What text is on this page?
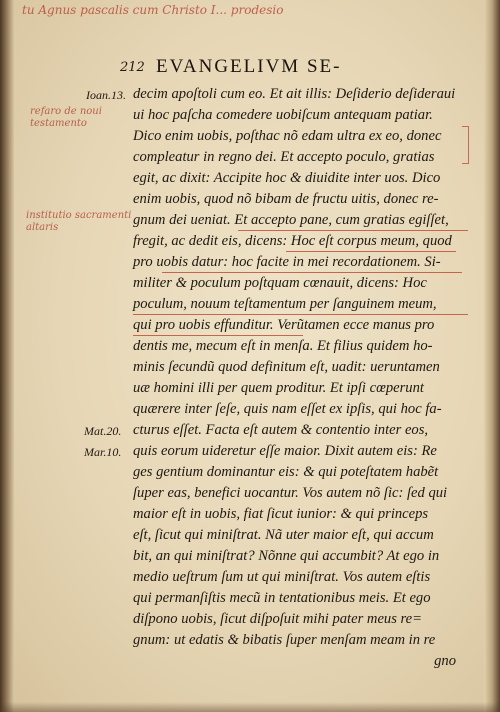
tu Agnus pascalis cum Christo I... prodesio
212 EVANGELIVM SE-
Ioan.13.
Mat.20.
Mar.10.
refaro de noui testamento
institutio sacramenti altaris
decim apoſtoli cum eo. Et ait illis: Deſiderio deſideraui
ui hoc paſcha comedere uobiſcum antequam patiar.
Dico enim uobis, poſthac nõ edam ultra ex eo, donec
compleatur in regno dei. Et accepto poculo, gratias
egit, ac dixit: Accipite hoc & diuidite inter uos. Dico
enim uobis, quod nõ bibam de fructu uitis, donec re-
gnum dei ueniat. Et accepto pane, cum gratias egiſſet,
fregit, ac dedit eis, dicens: Hoc eſt corpus meum, quod
pro uobis datur: hoc facite in mei recordationem. Si-
militer & poculum poſtquam cœnauit, dicens: Hoc
poculum, nouum teſtamentum per ſanguinem meum,
qui pro uobis effunditur. Verũtamen ecce manus pro
dentis me, mecum eſt in menſa. Et filius quidem ho-
minis ſecundũ quod definitum eſt, uadit: ueruntamen
uæ homini illi per quem proditur. Et ipſi cœperunt
quærere inter ſeſe, quis nam eſſet ex ipſis, qui hoc fa-
cturus eſſet. Facta eſt autem & contentio inter eos,
quis eorum uideretur eſſe maior. Dixit autem eis: Re
ges gentium dominantur eis: & qui poteſtatem habẽt
ſuper eas, benefici uocantur. Vos autem nõ ſic: ſed qui
maior eſt in uobis, fiat ſicut iunior: & qui princeps
eſt, ſicut qui miniſtrat. Nã uter maior eſt, qui accum
bit, an qui miniſtrat? Nõnne qui accumbit? At ego in
medio ueſtrum ſum ut qui miniſtrat. Vos autem eſtis
qui permanſiſtis mecũ in tentationibus meis. Et ego
diſpono uobis, ſicut diſpoſuit mihi pater meus re=
gnum: ut edatis & bibatis ſuper menſam meam in re
gno
